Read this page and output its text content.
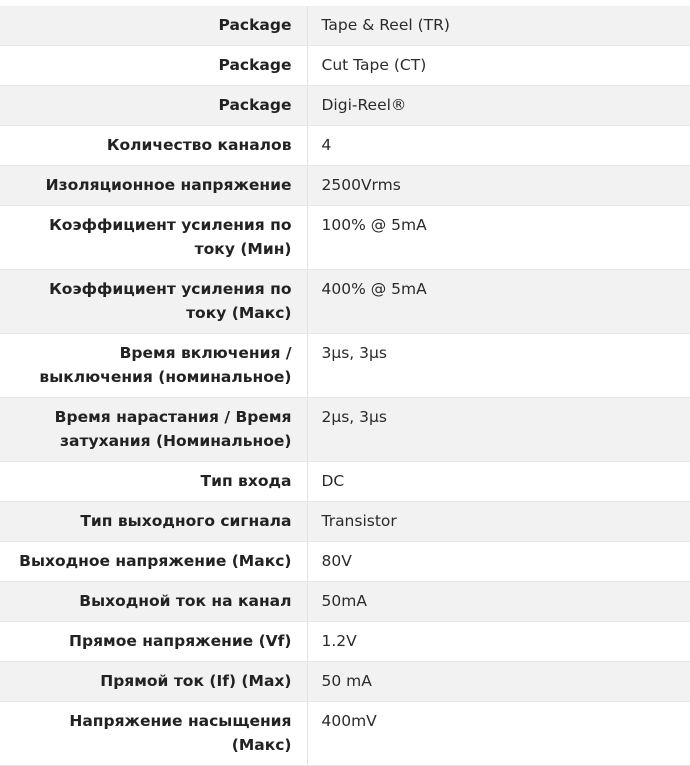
Package	Tape & Reel (TR)
Package	Cut Tape (CT)
Package	Digi-Reel®
Количество каналов	4
Изоляционное напряжение	2500Vrms
Коэффициент усиления по току (Мин)	100% @ 5mA
Коэффициент усиления по току (Макс)	400% @ 5mA
Время включения / выключения (номинальное)	3µs, 3µs
Время нарастания / Время затухания (Номинальное)	2µs, 3µs
Тип входа	DC
Тип выходного сигнала	Transistor
Выходное напряжение (Макс)	80V
Выходной ток на канал	50mA
Прямое напряжение (Vf)	1.2V
Прямой ток (If) (Max)	50 mA
Напряжение насыщения (Макс)	400mV
